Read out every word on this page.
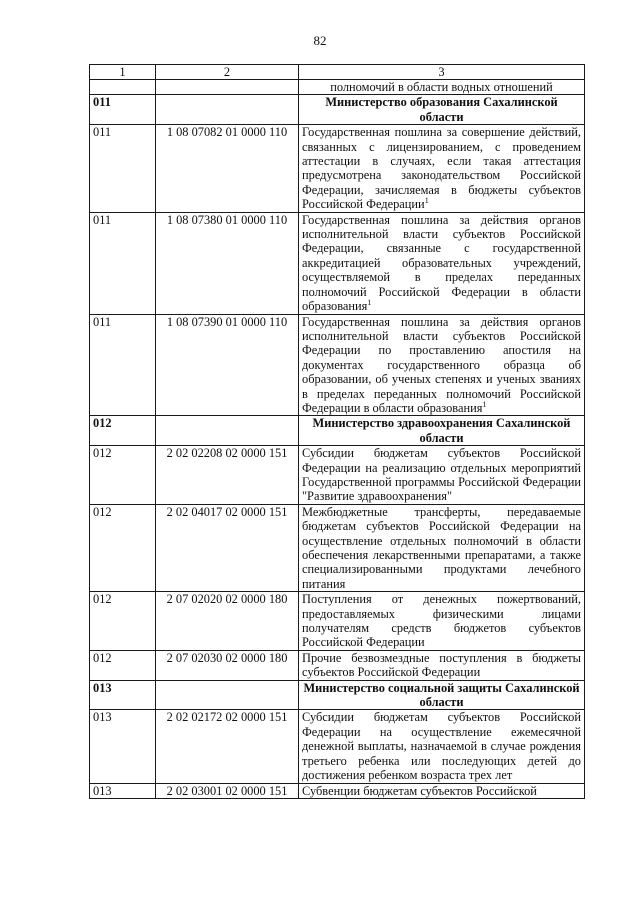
82
1	2	3
		полномочий в области водных отношений
011		Министерство образования Сахалинской области
011	1 08 07082 01 0000 110	Государственная пошлина за совершение действий, связанных с лицензированием, с проведением аттестации в случаях, если такая аттестация предусмотрена законодательством Российской Федерации, зачисляемая в бюджеты субъектов Российской Федерации$^1$
011	1 08 07380 01 0000 110	Государственная пошлина за действия органов исполнительной власти субъектов Российской Федерации, связанные с государственной аккредитацией образовательных учреждений, осуществляемой в пределах переданных полномочий Российской Федерации в области образования$^1$
011	1 08 07390 01 0000 110	Государственная пошлина за действия органов исполнительной власти субъектов Российской Федерации по проставлению апостиля на документах государственного образца об образовании, об ученых степенях и ученых званиях в пределах переданных полномочий Российской Федерации в области образования$^1$
012		Министерство здравоохранения Сахалинской области
012	2 02 02208 02 0000 151	Субсидии бюджетам субъектов Российской Федерации на реализацию отдельных мероприятий Государственной программы Российской Федерации "Развитие здравоохранения"
012	2 02 04017 02 0000 151	Межбюджетные трансферты, передаваемые бюджетам субъектов Российской Федерации на осуществление отдельных полномочий в области обеспечения лекарственными препаратами, а также специализированными продуктами лечебного питания
012	2 07 02020 02 0000 180	Поступления от денежных пожертвований, предоставляемых физическими лицами получателям средств бюджетов субъектов Российской Федерации
012	2 07 02030 02 0000 180	Прочие безвозмездные поступления в бюджеты субъектов Российской Федерации
013		Министерство социальной защиты Сахалинской области
013	2 02 02172 02 0000 151	Субсидии бюджетам субъектов Российской Федерации на осуществление ежемесячной денежной выплаты, назначаемой в случае рождения третьего ребенка или последующих детей до достижения ребенком возраста трех лет
013	2 02 03001 02 0000 151	Субвенции бюджетам субъектов Российской
